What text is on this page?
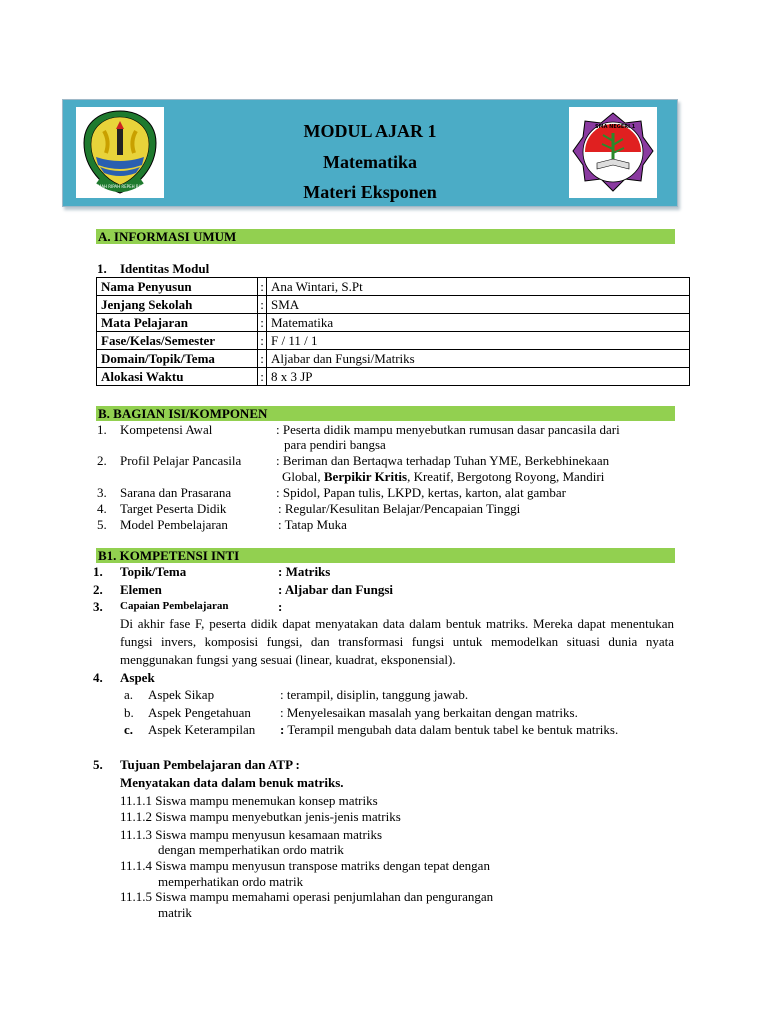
GEMAH RIPAH REPEH RAPIH
MODUL AJAR 1
Matematika
Materi Eksponen
SMA NEGERI 1
A. INFORMASI UMUM
1. Identitas Modul
Nama Penyusun	:	Ana Wintari, S.Pt
Jenjang Sekolah	:	SMA
Mata Pelajaran	:	Matematika
Fase/Kelas/Semester	:	F / 11 / 1
Domain/Topik/Tema	:	Aljabar dan Fungsi/Matriks
Alokasi Waktu	:	8 x 3 JP
B. BAGIAN ISI/KOMPONEN
1. Kompetensi Awal	: Peserta didik mampu menyebutkan rumusan dasar pancasila dari
para pendiri bangsa
2. Profil Pelajar Pancasila	: Beriman dan Bertaqwa terhadap Tuhan YME, Berkebhinekaan
Global, Berpikir Kritis, Kreatif, Bergotong Royong, Mandiri
3. Sarana dan Prasarana	: Spidol, Papan tulis, LKPD, kertas, karton, alat gambar
4. Target Peserta Didik	: Regular/Kesulitan Belajar/Pencapaian Tinggi
5. Model Pembelajaran	: Tatap Muka
B1. KOMPETENSI INTI
1. Topik/Tema	: Matriks
2. Elemen	: Aljabar dan Fungsi
3. Capaian Pembelajaran	:
Di akhir fase F, peserta didik dapat menyatakan data dalam bentuk matriks. Mereka dapat menentukan fungsi invers, komposisi fungsi, dan transformasi fungsi untuk memodelkan situasi dunia nyata menggunakan fungsi yang sesuai (linear, kuadrat, eksponensial).
4. Aspek
a. Aspek Sikap	: terampil, disiplin, tanggung jawab.
b. Aspek Pengetahuan : Menyelesaikan masalah yang berkaitan dengan matriks.
c. Aspek Keterampilan : Terampil mengubah data dalam bentuk tabel ke bentuk matriks.
5. Tujuan Pembelajaran dan ATP :
Menyatakan data dalam benuk matriks.
11.1.1 Siswa mampu menemukan konsep matriks
11.1.2 Siswa mampu menyebutkan jenis-jenis matriks
11.1.3 Siswa mampu menyusun kesamaan matriks
dengan memperhatikan ordo matrik
11.1.4 Siswa mampu menyusun transpose matriks dengan tepat dengan
memperhatikan ordo matrik
11.1.5 Siswa mampu memahami operasi penjumlahan dan pengurangan
matrik
